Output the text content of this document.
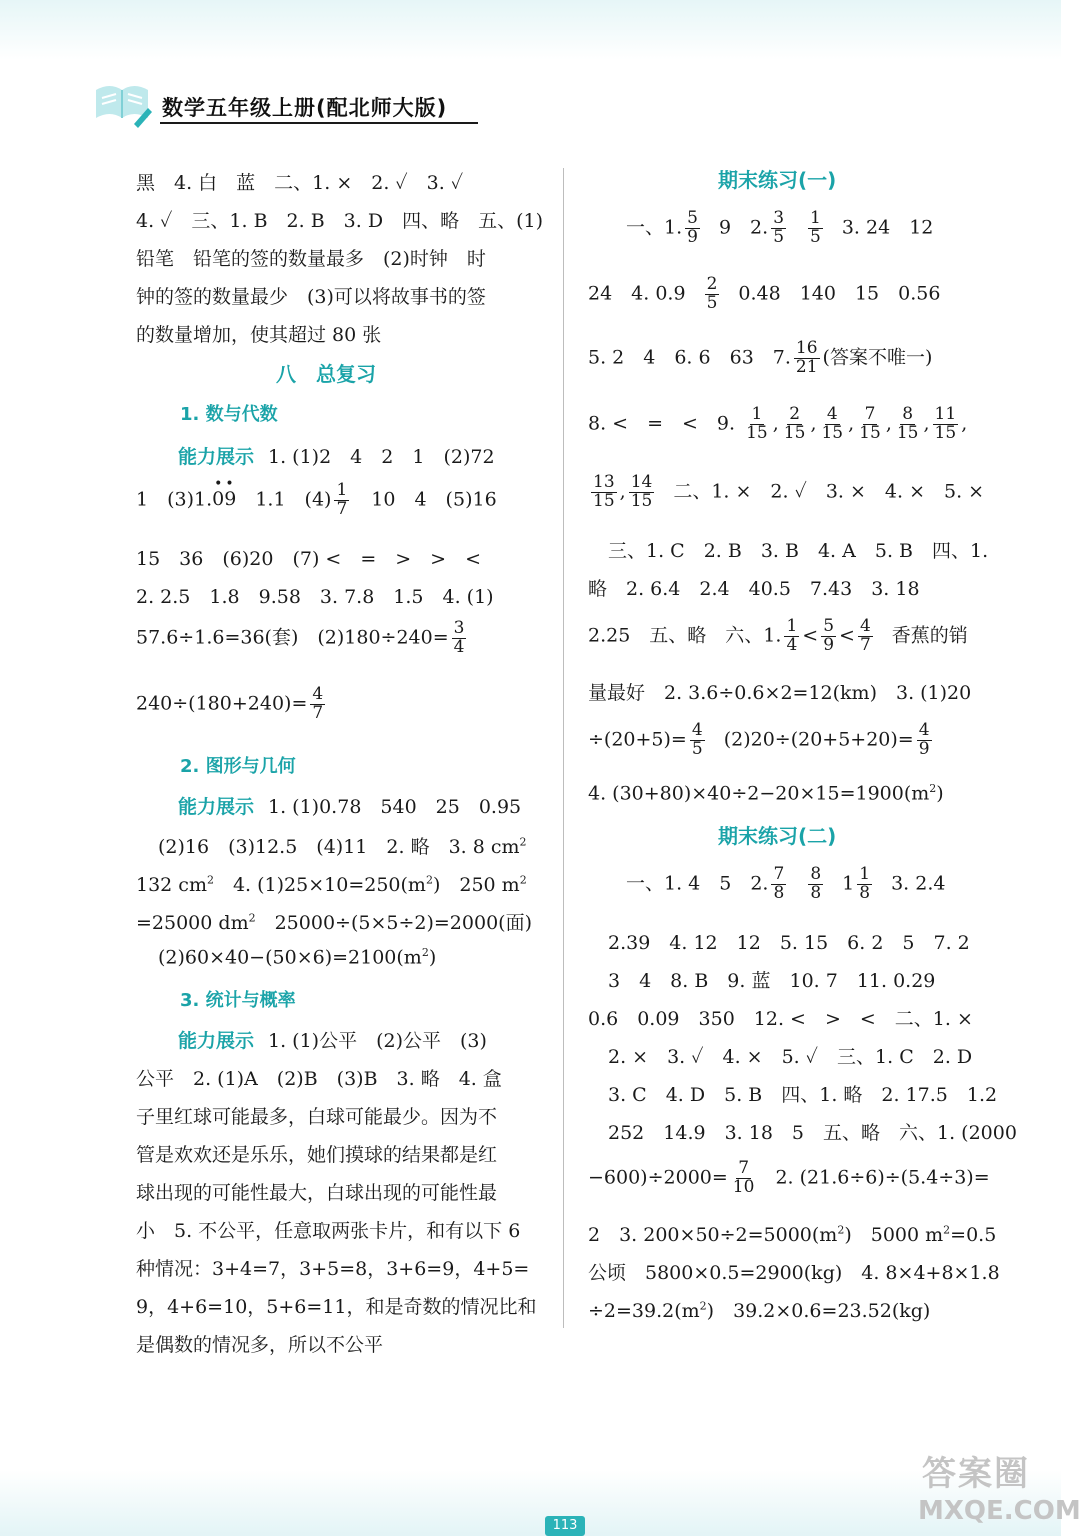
数学五年级上册(配北师大版)
黑　4. 白　蓝　二、1. ×　2. ✓　3. ✓
4. ✓　三、1. B　2. B　3. D　四、略　五、(1)
铅笔　铅笔的签的数量最多　(2)时钟　时
钟的签的数量最少　(3)可以将故事书的签
的数量增加，使其超过 80 张
八　总复习
1. 数与代数
能力展示 1. (1)2　4　2　1　(2)72
1　(3)1.
••
09　1.1　$(4) \frac{1}{7}$ 　10　4　(5)16
15　36　(6)20　(7) <　=　>　>　<
2. 2.5　1.8　9.58　3. 7.8　1.5　4. (1)
57.6÷1.6=36(套)　$(2)180\div 240= \frac{3}{4}$
$240\div(180+240)= \frac{4}{7}$
2. 图形与几何
能力展示 1. (1)0.78　540　25　0.95
(2)16　(3)12.5　(4)11　2. 略　3. 8 $cm^2$
132 $cm^2$　4. $(1)25\times 10=250(m^2)$　250 $m^2$
=25000 $dm^2$　25000÷(5×5÷2)=2000(面)
$(2)60\times 40-(50\times 6)=2100(m^2)$
3. 统计与概率
能力展示 1. (1)公平　(2)公平　(3)
公平　2. (1)A　(2)B　(3)B　3. 略　4. 盒
子里红球可能最多，白球可能最少。因为不
管是欢欢还是乐乐，她们摸球的结果都是红
球出现的可能性最大，白球出现的可能性最
小　5. 不公平，任意取两张卡片，和有以下 6
种情况：3+4=7，3+5=8，3+6=9，4+5=
9，4+6=10，5+6=11，和是奇数的情况比和
是偶数的情况多，所以不公平
期末练习(一)
一、1. $\frac{5}{9} 9$　2. $\frac{3}{5} \frac{1}{5} 3$. 24　12
24　4. $0.9 \frac{2}{5} 0.48$　140　15　0.56
5. 2　4　6. 6　63　7. $\frac{16}{21}$ (答案不唯一)
8. <　=　<　9. $\frac{1}{15}$ , $\frac{2}{15}$ , $\frac{4}{15}$ , $\frac{7}{15}$ , $\frac{8}{15}$ , $\frac{11}{15}$ ,
$\frac{13}{15}$ , $\frac{14}{15}$ 二、1. ×　2. ✓　3. ×　4. ×　5. ×
三、1. C　2. B　3. B　4. A　5. B　四、1.
略　2. 6.4　2.4　40.5　7.43　3. 18
2.25　五、略　六、1. $\frac{1}{4} < \frac{5}{9} < \frac{4}{7}$ 香蕉的销
量最好　2. 3.6÷0.6×2=12(km)　3. (1)20
$\div(20+5)= \frac{4}{5} (2)20\div(20+5+20)= \frac{4}{9}$
4. $(30+80)\times 40\div 2-20\times 15=1900(m^2)$
期末练习(二)
一、1. 4　5　2. $\frac{7}{8} \frac{8}{8} 1 \frac{1}{8} 3$. 2.4
2.39　4. 12　12　5. 15　6. 2　5　7. 2
3　4　8. B　9. 蓝　10. 7　11. 0.29
0.6　0.09　350　12. <　>　<　二、1. ×
2. ×　3. ✓　4. ×　5. ✓　三、1. C　2. D
3. C　4. D　5. B　四、1. 略　2. 17.5　1.2
252　14.9　3. 18　5　五、略　六、1. (2000
$-600)\div 2000= \frac{7}{10} 2$. (21.6÷6)÷(5.4÷3)=
2　3. $200\times 50\div 2=5000(m^2)$　5000 $m^2=0.5$
公顷　5800×0.5=2900(kg)　4. 8×4+8×1.8
$\div 2=39.2(m^2)$　39.2×0.6=23.52(kg)
113
答案圈
MXQE.COM
